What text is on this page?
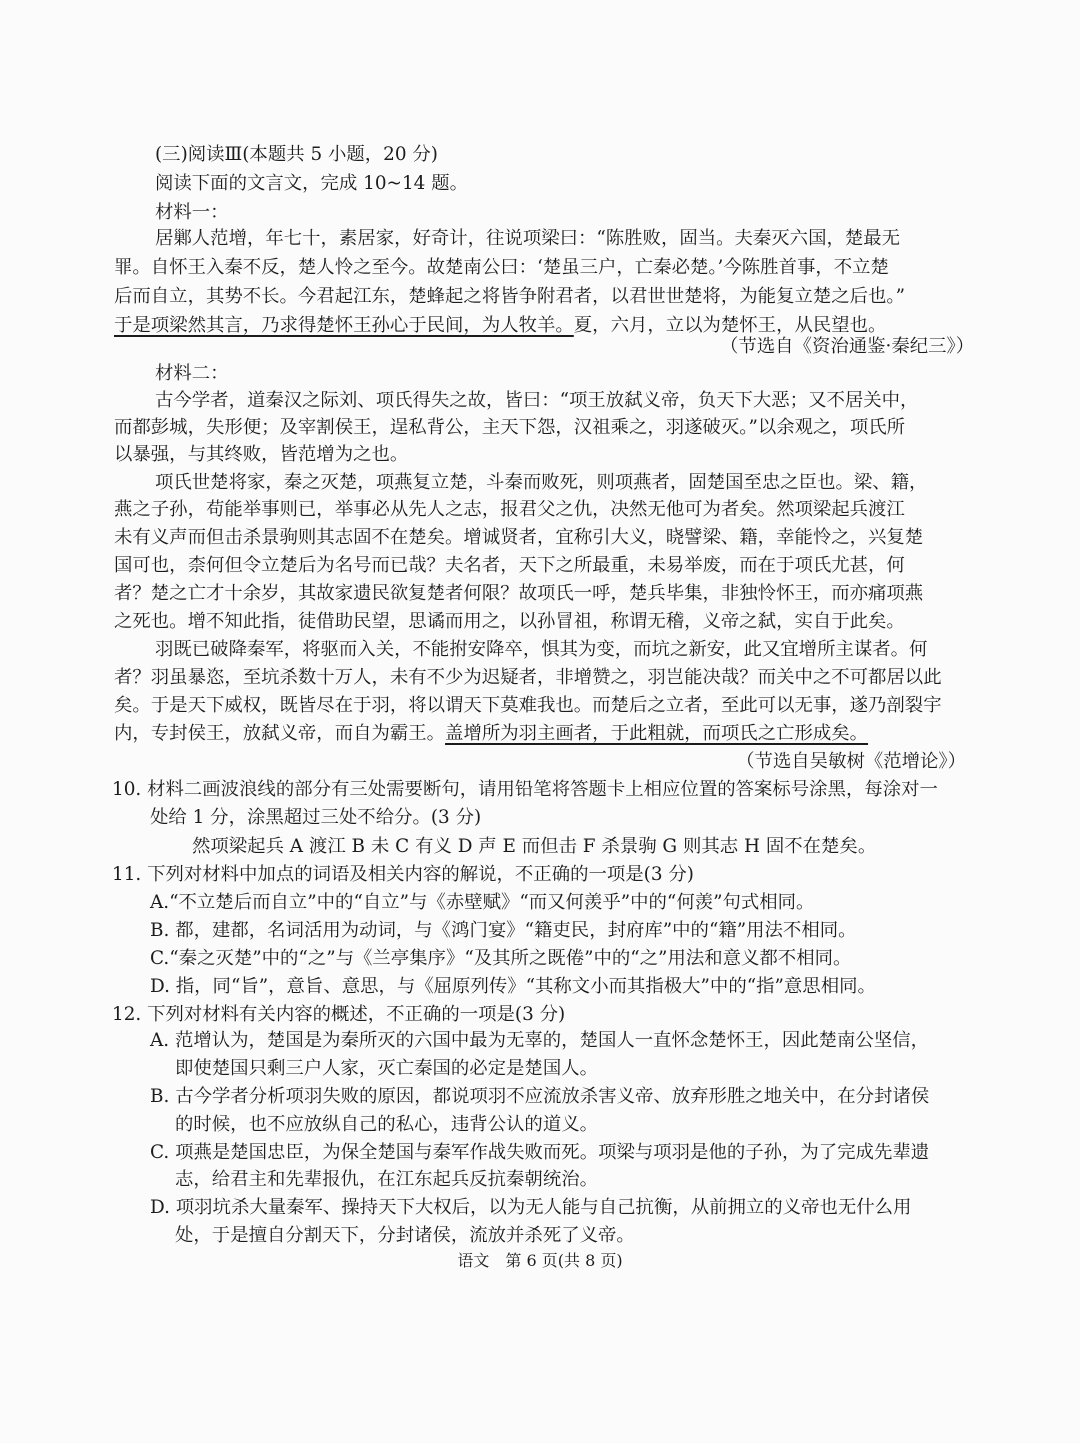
(三)阅读Ⅲ(本题共 5 小题，20 分)
阅读下面的文言文，完成 10~14 题。
材料一：
居鄛人范增，年七十，素居家，好奇计，往说项梁曰：“陈胜败，固当。夫秦灭六国，楚最无
罪。自怀王入秦不反，楚人怜之至今。故楚南公曰：‘楚虽三户，亡秦必楚。’今陈胜首事，不立楚
后而自立，其势不长。今君起江东，楚蜂起之将皆争附君者，以君世世楚将，为能复立楚之后也。”
于是项梁然其言，乃求得楚怀王孙心于民间，为人牧羊。夏，六月，立以为楚怀王，从民望也。
（节选自《资治通鉴·秦纪三》）
材料二：
古今学者，道秦汉之际刘、项氏得失之故，皆曰：“项王放弑义帝，负天下大恶；又不居关中，
而都彭城，失形便；及宰割侯王，逞私背公，主天下怨，汉祖乘之，羽遂破灭。”以余观之，项氏所
以暴强，与其终败，皆范增为之也。
项氏世楚将家，秦之灭楚，项燕复立楚，斗秦而败死，则项燕者，固楚国至忠之臣也。梁、籍，
燕之子孙，苟能举事则已，举事必从先人之志，报君父之仇，决然无他可为者矣。然项梁起兵渡江
未有义声而但击杀景驹则其志固不在楚矣。增诚贤者，宜称引大义，晓譬梁、籍，幸能怜之，兴复楚
国可也，柰何但令立楚后为名号而已哉？夫名者，天下之所最重，未易举废，而在于项氏尤甚，何
者？楚之亡才十余岁，其故家遗民欲复楚者何限？故项氏一呼，楚兵毕集，非独怜怀王，而亦痛项燕
之死也。增不知此指，徒借助民望，思谲而用之，以孙冒祖，称谓无稽，义帝之弑，实自于此矣。
羽既已破降秦军，将驱而入关，不能拊安降卒，惧其为变，而坑之新安，此又宜增所主谋者。何
者？羽虽暴恣，至坑杀数十万人，未有不少为迟疑者，非增赞之，羽岂能决哉？而关中之不可都居以此
矣。于是天下威权，既皆尽在于羽，将以谓天下莫难我也。而楚后之立者，至此可以无事，遂乃剖裂宇
内，专封侯王，放弑义帝，而自为霸王。盖增所为羽主画者，于此粗就，而项氏之亡形成矣。
（节选自吴敏树《范增论》）
10. 材料二画波浪线的部分有三处需要断句，请用铅笔将答题卡上相应位置的答案标号涂黑，每涂对一
处给 1 分，涂黑超过三处不给分。(3 分)
然项梁起兵 A 渡江 B 未 C 有义 D 声 E 而但击 F 杀景驹 G 则其志 H 固不在楚矣。
11. 下列对材料中加点的词语及相关内容的解说，不正确的一项是(3 分)
A.“不立楚后而自立”中的“自立”与《赤壁赋》“而又何羡乎”中的“何羡”句式相同。
B. 都，建都，名词活用为动词，与《鸿门宴》“籍吏民，封府库”中的“籍”用法不相同。
C.“秦之灭楚”中的“之”与《兰亭集序》“及其所之既倦”中的“之”用法和意义都不相同。
D. 指，同“旨”，意旨、意思，与《屈原列传》“其称文小而其指极大”中的“指”意思相同。
12. 下列对材料有关内容的概述，不正确的一项是(3 分)
A. 范增认为，楚国是为秦所灭的六国中最为无辜的，楚国人一直怀念楚怀王，因此楚南公坚信，
即使楚国只剩三户人家，灭亡秦国的必定是楚国人。
B. 古今学者分析项羽失败的原因，都说项羽不应流放杀害义帝、放弃形胜之地关中，在分封诸侯
的时候，也不应放纵自己的私心，违背公认的道义。
C. 项燕是楚国忠臣，为保全楚国与秦军作战失败而死。项梁与项羽是他的子孙，为了完成先辈遗
志，给君主和先辈报仇，在江东起兵反抗秦朝统治。
D. 项羽坑杀大量秦军、操持天下大权后，以为无人能与自己抗衡，从前拥立的义帝也无什么用
处，于是擅自分割天下，分封诸侯，流放并杀死了义帝。
语文　第 6 页(共 8 页)
